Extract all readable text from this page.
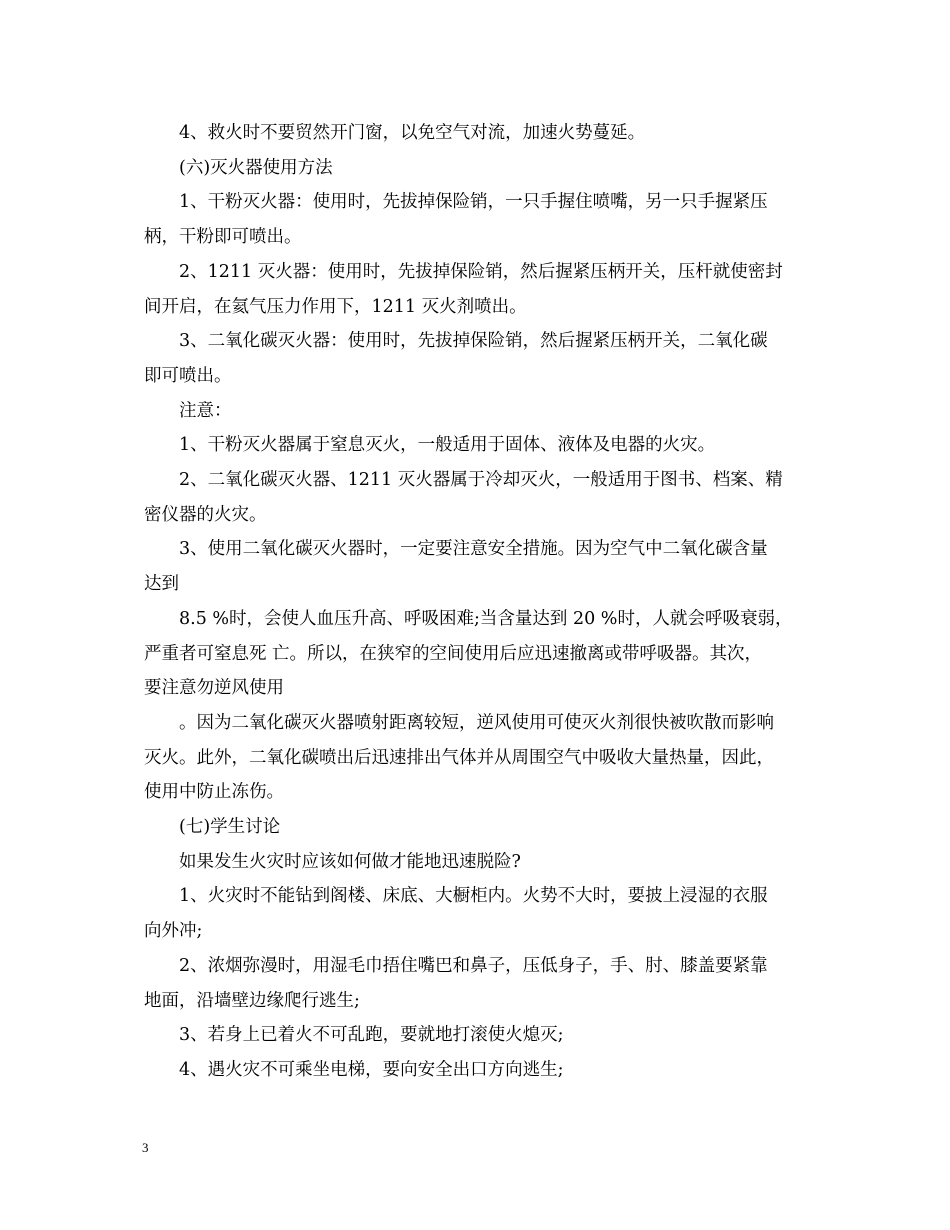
4、救火时不要贸然开门窗，以免空气对流，加速火势蔓延。
(六)灭火器使用方法
1、干粉灭火器：使用时，先拔掉保险销，一只手握住喷嘴，另一只手握紧压
柄，干粉即可喷出。
2、1211 灭火器：使用时，先拔掉保险销，然后握紧压柄开关，压杆就使密封
间开启，在氦气压力作用下，1211 灭火剂喷出。
3、二氧化碳灭火器：使用时，先拔掉保险销，然后握紧压柄开关，二氧化碳
即可喷出。
注意：
1、干粉灭火器属于窒息灭火，一般适用于固体、液体及电器的火灾。
2、二氧化碳灭火器、1211 灭火器属于冷却灭火，一般适用于图书、档案、精
密仪器的火灾。
3、使用二氧化碳灭火器时，一定要注意安全措施。因为空气中二氧化碳含量
达到
8.5 %时，会使人血压升高、呼吸困难;当含量达到 20 %时，人就会呼吸衰弱，
严重者可窒息死 亡。所以，在狭窄的空间使用后应迅速撤离或带呼吸器。其次，
要注意勿逆风使用
。因为二氧化碳灭火器喷射距离较短，逆风使用可使灭火剂很快被吹散而影响
灭火。此外，二氧化碳喷出后迅速排出气体并从周围空气中吸收大量热量，因此，
使用中防止冻伤。
(七)学生讨论
如果发生火灾时应该如何做才能地迅速脱险?
1、火灾时不能钻到阁楼、床底、大橱柜内。火势不大时，要披上浸湿的衣服
向外冲;
2、浓烟弥漫时，用湿毛巾捂住嘴巴和鼻子，压低身子，手、肘、膝盖要紧靠
地面，沿墙壁边缘爬行逃生;
3、若身上已着火不可乱跑，要就地打滚使火熄灭;
4、遇火灾不可乘坐电梯，要向安全出口方向逃生;
3
